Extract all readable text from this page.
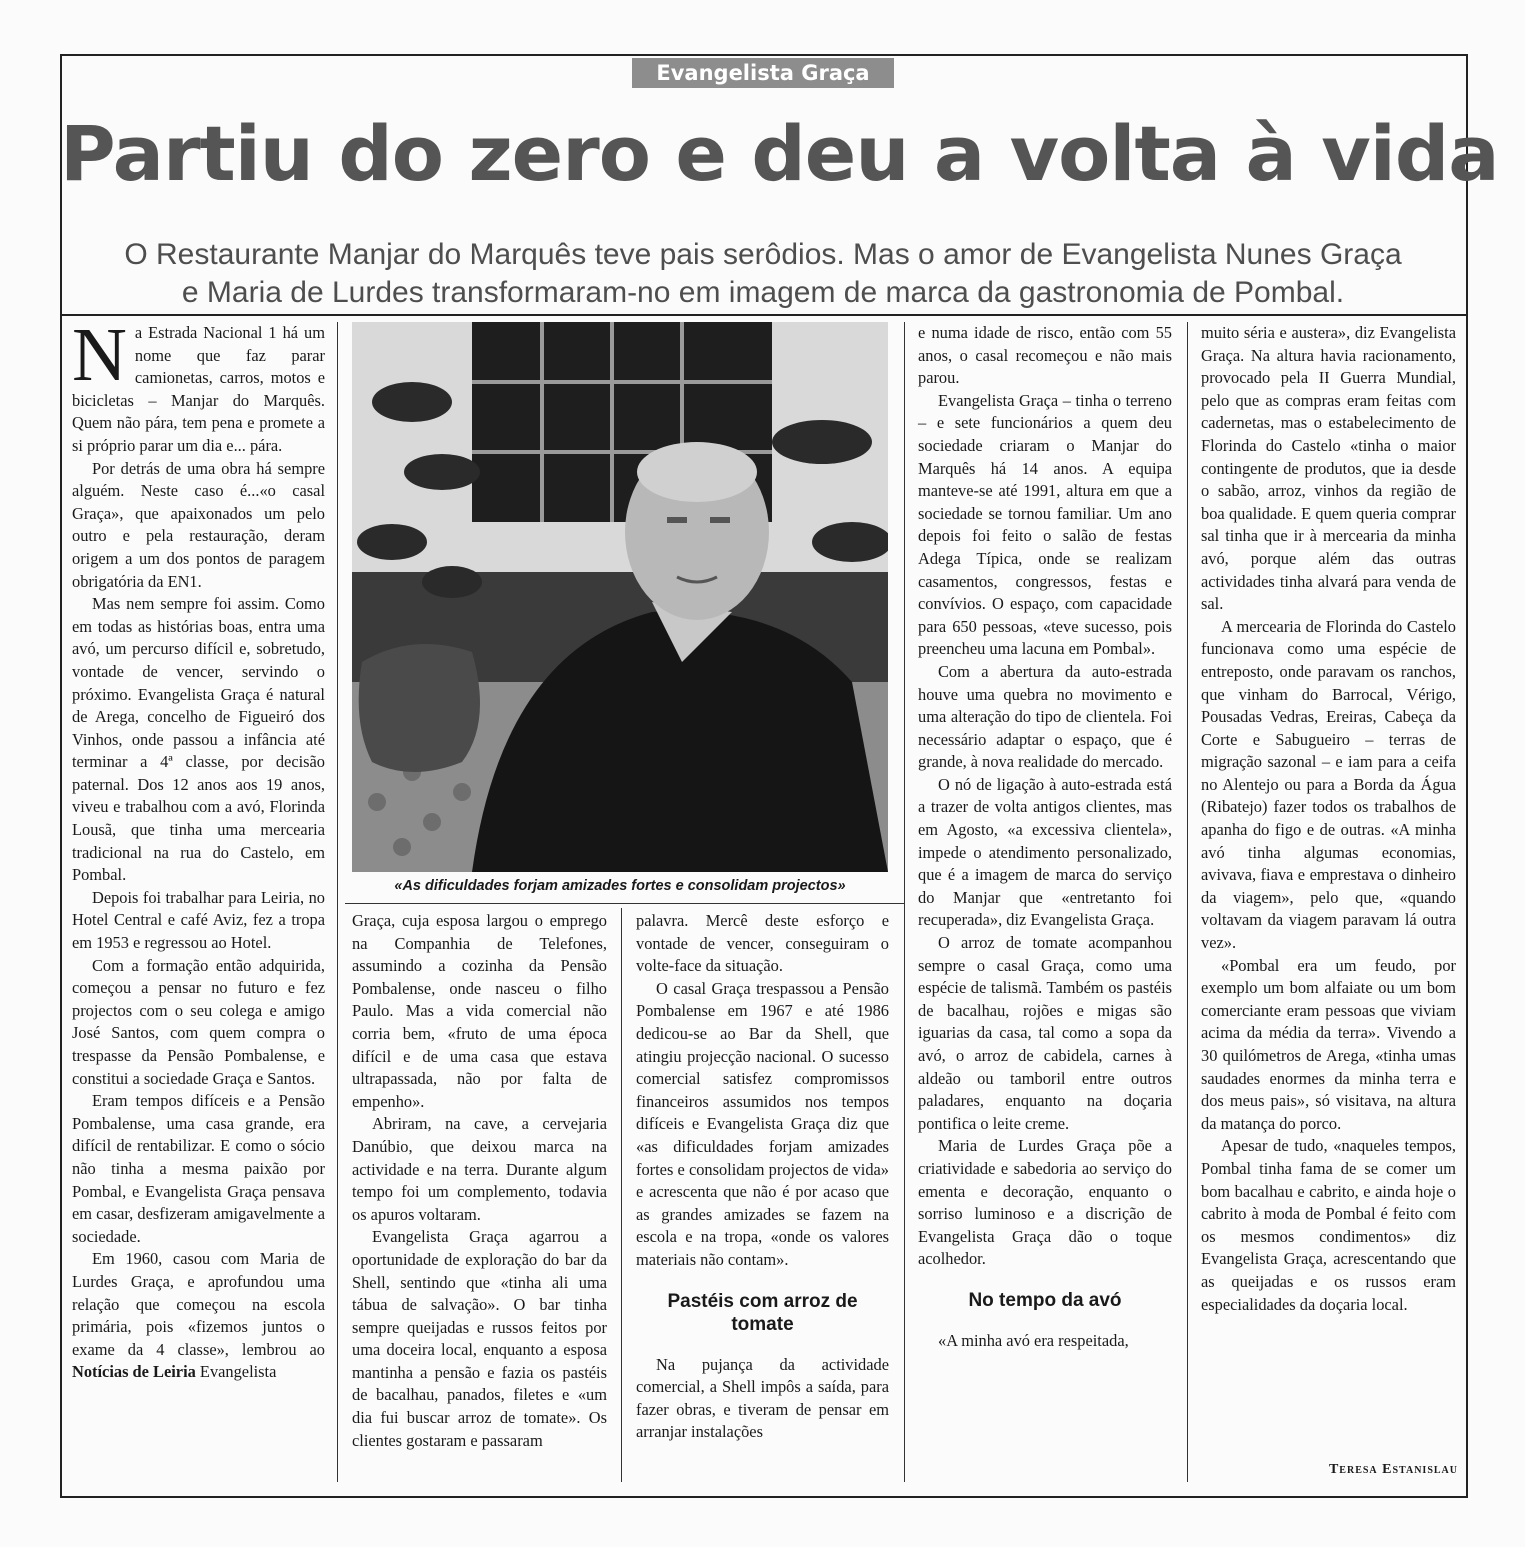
Evangelista Graça
Partiu do zero e deu a volta à vida
O Restaurante Manjar do Marquês teve pais serôdios. Mas o amor de Evangelista Nunes Graça
e Maria de Lurdes transformaram-no em imagem de marca da gastronomia de Pombal.

Na Estrada Nacional 1 há um nome que faz parar camionetas, carros, motos e bicicletas – Manjar do Marquês. Quem não pára, tem pena e promete a si próprio parar um dia e... pára.

Por detrás de uma obra há sempre alguém. Neste caso é...«o casal Graça», que apaixonados um pelo outro e pela restauração, deram origem a um dos pontos de paragem obrigatória da EN1.

Mas nem sempre foi assim. Como em todas as histórias boas, entra uma avó, um percurso difícil e, sobretudo, vontade de vencer, servindo o próximo. Evangelista Graça é natural de Arega, concelho de Figueiró dos Vinhos, onde passou a infância até terminar a 4ª classe, por decisão paternal. Dos 12 anos aos 19 anos, viveu e trabalhou com a avó, Florinda Lousã, que tinha uma mercearia tradicional na rua do Castelo, em Pombal.

Depois foi trabalhar para Leiria, no Hotel Central e café Aviz, fez a tropa em 1953 e regressou ao Hotel.

Com a formação então adquirida, começou a pensar no futuro e fez projectos com o seu colega e amigo José Santos, com quem compra o trespasse da Pensão Pombalense, e constitui a sociedade Graça e Santos.

Eram tempos difíceis e a Pensão Pombalense, uma casa grande, era difícil de rentabilizar. E como o sócio não tinha a mesma paixão por Pombal, e Evangelista Graça pensava em casar, desfizeram amigavelmente a sociedade.

Em 1960, casou com Maria de Lurdes Graça, e aprofundou uma relação que começou na escola primária, pois «fizemos juntos o exame da 4 classe», lembrou ao Notícias de Leiria Evangelista

«As dificuldades forjam amizades fortes e consolidam projectos»

Graça, cuja esposa largou o emprego na Companhia de Telefones, assumindo a cozinha da Pensão Pombalense, onde nasceu o filho Paulo. Mas a vida comercial não corria bem, «fruto de uma época difícil e de uma casa que estava ultrapassada, não por falta de empenho».

Abriram, na cave, a cervejaria Danúbio, que deixou marca na actividade e na terra. Durante algum tempo foi um complemento, todavia os apuros voltaram.

Evangelista Graça agarrou a oportunidade de exploração do bar da Shell, sentindo que «tinha ali uma tábua de salvação». O bar tinha sempre queijadas e russos feitos por uma doceira local, enquanto a esposa mantinha a pensão e fazia os pastéis de bacalhau, panados, filetes e «um dia fui buscar arroz de tomate». Os clientes gostaram e passaram

palavra. Mercê deste esforço e vontade de vencer, conseguiram o volte-face da situação.

O casal Graça trespassou a Pensão Pombalense em 1967 e até 1986 dedicou-se ao Bar da Shell, que atingiu projecção nacional. O sucesso comercial satisfez compromissos financeiros assumidos nos tempos difíceis e Evangelista Graça diz que «as dificuldades forjam amizades fortes e consolidam projectos de vida» e acrescenta que não é por acaso que as grandes amizades se fazem na escola e na tropa, «onde os valores materiais não contam».

Pastéis com arroz de tomate

Na pujança da actividade comercial, a Shell impôs a saída, para fazer obras, e tiveram de pensar em arranjar instalações

e numa idade de risco, então com 55 anos, o casal recomeçou e não mais parou.

Evangelista Graça – tinha o terreno – e sete funcionários a quem deu sociedade criaram o Manjar do Marquês há 14 anos. A equipa manteve-se até 1991, altura em que a sociedade se tornou familiar. Um ano depois foi feito o salão de festas Adega Típica, onde se realizam casamentos, congressos, festas e convívios. O espaço, com capacidade para 650 pessoas, «teve sucesso, pois preencheu uma lacuna em Pombal».

Com a abertura da auto-estrada houve uma quebra no movimento e uma alteração do tipo de clientela. Foi necessário adaptar o espaço, que é grande, à nova realidade do mercado.

O nó de ligação à auto-estrada está a trazer de volta antigos clientes, mas em Agosto, «a excessiva clientela», impede o atendimento personalizado, que é a imagem de marca do serviço do Manjar que «entretanto foi recuperada», diz Evangelista Graça.

O arroz de tomate acompanhou sempre o casal Graça, como uma espécie de talismã. Também os pastéis de bacalhau, rojões e migas são iguarias da casa, tal como a sopa da avó, o arroz de cabidela, carnes à aldeão ou tamboril entre outros paladares, enquanto na doçaria pontifica o leite creme.

Maria de Lurdes Graça põe a criatividade e sabedoria ao serviço do ementa e decoração, enquanto o sorriso luminoso e a discrição de Evangelista Graça dão o toque acolhedor.

No tempo da avó

«A minha avó era respeitada,

muito séria e austera», diz Evangelista Graça. Na altura havia racionamento, provocado pela II Guerra Mundial, pelo que as compras eram feitas com cadernetas, mas o estabelecimento de Florinda do Castelo «tinha o maior contingente de produtos, que ia desde o sabão, arroz, vinhos da região de boa qualidade. E quem queria comprar sal tinha que ir à mercearia da minha avó, porque além das outras actividades tinha alvará para venda de sal.

A mercearia de Florinda do Castelo funcionava como uma espécie de entreposto, onde paravam os ranchos, que vinham do Barrocal, Vérigo, Pousadas Vedras, Ereiras, Cabeça da Corte e Sabugueiro – terras de migração sazonal – e iam para a ceifa no Alentejo ou para a Borda da Água (Ribatejo) fazer todos os trabalhos de apanha do figo e de outras. «A minha avó tinha algumas economias, avivava, fiava e emprestava o dinheiro da viagem», pelo que, «quando voltavam da viagem paravam lá outra vez».

«Pombal era um feudo, por exemplo um bom alfaiate ou um bom comerciante eram pessoas que viviam acima da média da terra». Vivendo a 30 quilómetros de Arega, «tinha umas saudades enormes da minha terra e dos meus pais», só visitava, na altura da matança do porco.

Apesar de tudo, «naqueles tempos, Pombal tinha fama de se comer um bom bacalhau e cabrito, e ainda hoje o cabrito à moda de Pombal é feito com os mesmos condimentos» diz Evangelista Graça, acrescentando que as queijadas e os russos eram especialidades da doçaria local.

Teresa Estanislau
